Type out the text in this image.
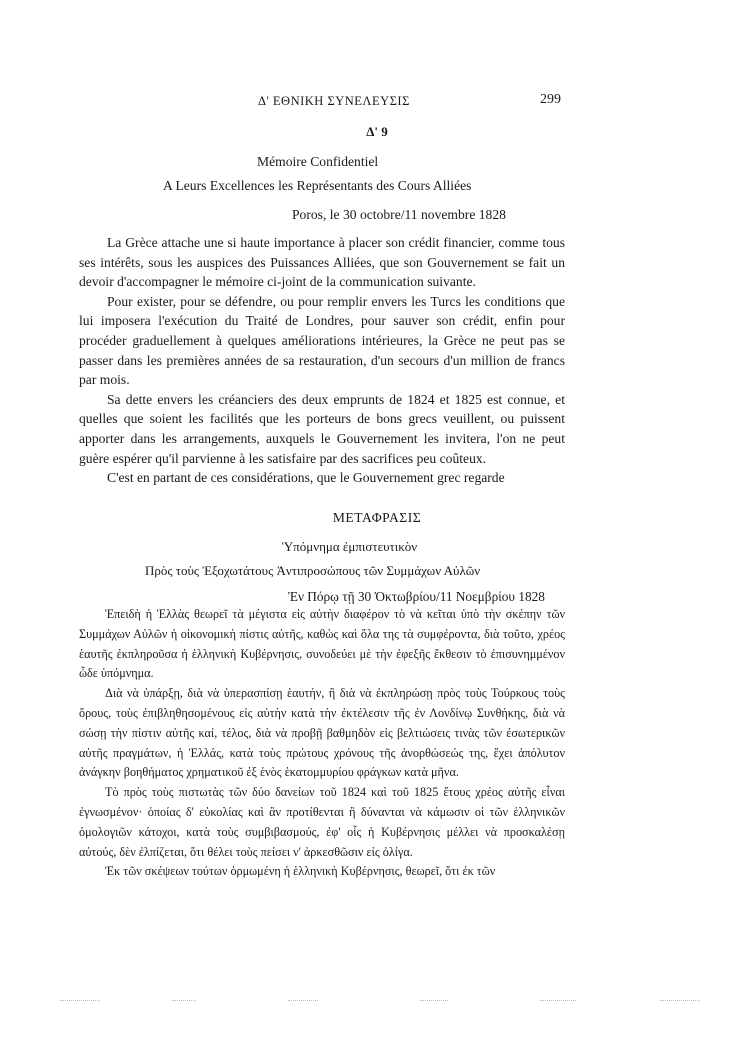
Δ' ΕΘΝΙΚΗ ΣΥΝΕΛΕΥΣΙΣ	299
Δ' 9
Mémoire Confidentiel
A Leurs Excellences les Représentants des Cours Alliées
Poros, le 30 octobre/11 novembre 1828

La Grèce attache une si haute importance à placer son crédit financier, comme tous ses intérêts, sous les auspices des Puissances Alliées, que son Gouvernement se fait un devoir d'accompagner le mémoire ci-joint de la communication suivante.

Pour exister, pour se défendre, ou pour remplir envers les Turcs les conditions que lui imposera l'exécution du Traité de Londres, pour sauver son crédit, enfin pour procéder graduellement à quelques améliorations intérieures, la Grèce ne peut pas se passer dans les premières années de sa restauration, d'un secours d'un million de francs par mois.

Sa dette envers les créanciers des deux emprunts de 1824 et 1825 est connue, et quelles que soient les facilités que les porteurs de bons grecs veuillent, ou puissent apporter dans les arrangements, auxquels le Gouvernement les invitera, l'on ne peut guère espérer qu'il parvienne à les satisfaire par des sacrifices peu coûteux.

C'est en partant de ces considérations, que le Gouvernement grec regarde

ΜΕΤΑΦΡΑΣΙΣ
Ὑπόμνημα ἐμπιστευτικὸν
Πρὸς τοὺς Ἐξοχωτάτους Ἀντιπροσώπους τῶν Συμμάχων Αὐλῶν
Ἐν Πόρῳ τῇ 30 Ὀκτωβρίου/11 Νοεμβρίου 1828

Ἐπειδὴ ἡ Ἑλλὰς θεωρεῖ τὰ μέγιστα εἰς αὐτὴν διαφέρον τὸ νὰ κεῖται ὑπὸ τὴν σκέπην τῶν Συμμάχων Αὐλῶν ἡ οἰκονομικὴ πίστις αὐτῆς, καθὼς καὶ ὅλα της τὰ συμφέροντα, διὰ τοῦτο, χρέος ἑαυτῆς ἐκπληροῦσα ἡ ἑλληνικὴ Κυβέρνησις, συνοδεύει μὲ τὴν ἐφεξῆς ἔκθεσιν τὸ ἐπισυνημμένον ὧδε ὑπόμνημα.

Διὰ νὰ ὑπάρξῃ, διὰ νὰ ὑπερασπίσῃ ἑαυτήν, ἢ διὰ νὰ ἐκπληρώσῃ πρὸς τοὺς Τούρκους τοὺς ὅρους, τοὺς ἐπιβληθησομένους εἰς αὐτὴν κατὰ τὴν ἐκτέλεσιν τῆς ἐν Λονδίνῳ Συνθήκης, διὰ νὰ σώσῃ τὴν πίστιν αὐτῆς καί, τέλος, διὰ νὰ προβῇ βαθμηδὸν εἰς βελτιώσεις τινὰς τῶν ἐσωτερικῶν αὐτῆς πραγμάτων, ἡ Ἑλλάς, κατὰ τοὺς πρώτους χρόνους τῆς ἀνορθώσεώς της, ἔχει ἀπόλυτον ἀνάγκην βοηθήματος χρηματικοῦ ἐξ ἑνὸς ἑκατομμυρίου φράγκων κατὰ μῆνα.

Τὸ πρὸς τοὺς πιστωτὰς τῶν δύο δανείων τοῦ 1824 καὶ τοῦ 1825 ἔτους χρέος αὐτῆς εἶναι ἐγνωσμένον· ὁποίας δ' εὐκολίας καὶ ἂν προτίθενται ἢ δύνανται νὰ κάμωσιν οἱ τῶν ἑλληνικῶν ὁμολογιῶν κάτοχοι, κατὰ τοὺς συμβιβασμούς, ἐφ' οἷς ἡ Κυβέρνησις μέλλει νὰ προσκαλέσῃ αὐτούς, δὲν ἐλπίζεται, ὅτι θέλει τοὺς πείσει ν' ἀρκεσθῶσιν εἰς ὀλίγα.

Ἐκ τῶν σκέψεων τούτων ὁρμωμένη ἡ ἑλληνικὴ Κυβέρνησις, θεωρεῖ, ὅτι ἐκ τῶν
